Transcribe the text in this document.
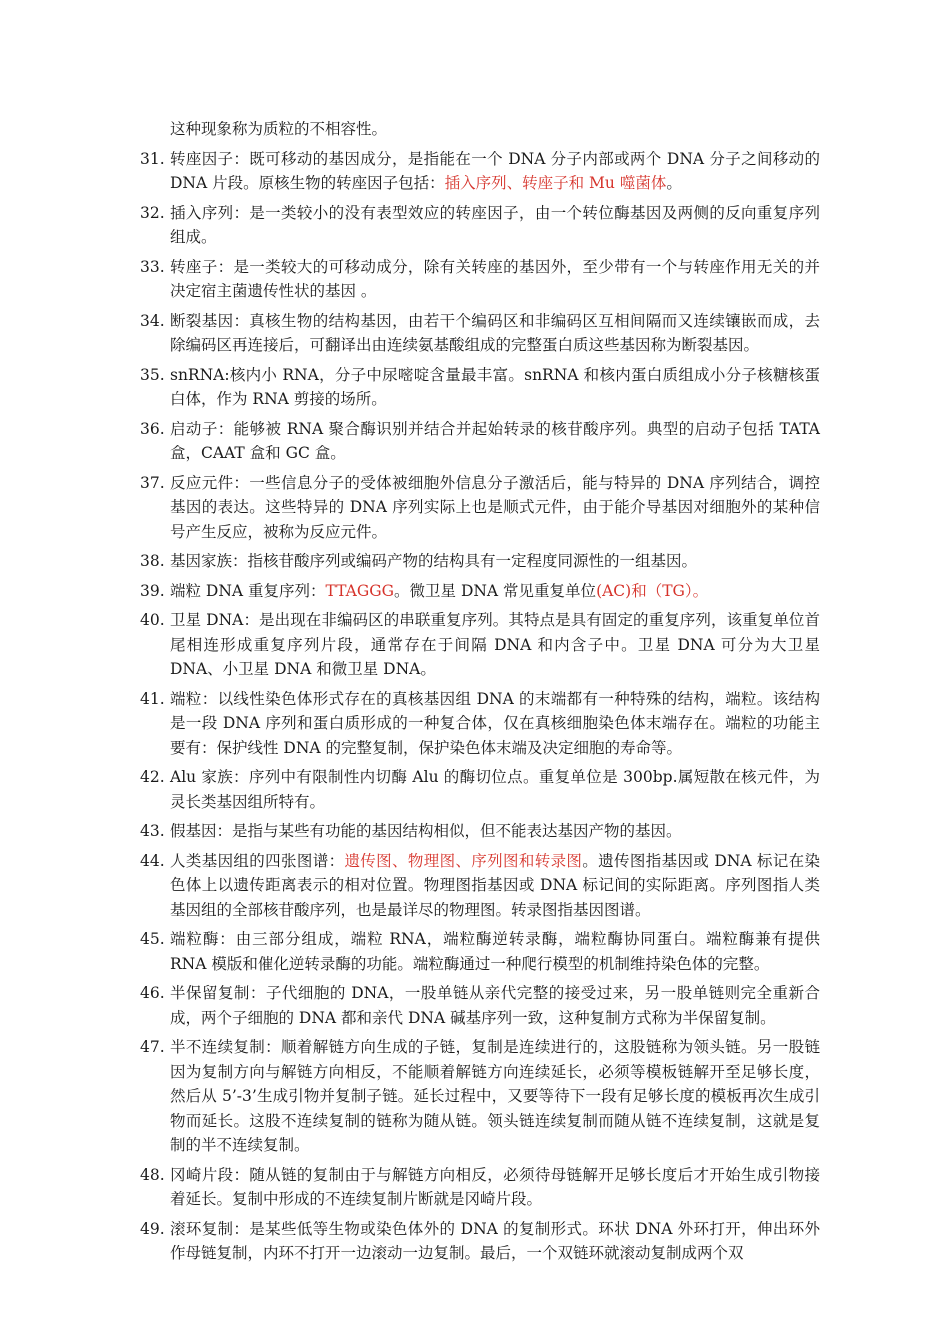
这种现象称为质粒的不相容性。
31. 转座因子：既可移动的基因成分，是指能在一个 DNA 分子内部或两个 DNA 分子之间移动的 DNA 片段。原核生物的转座因子包括：插入序列、转座子和 Mu 噬菌体。
32. 插入序列：是一类较小的没有表型效应的转座因子，由一个转位酶基因及两侧的反向重复序列组成。
33. 转座子：是一类较大的可移动成分，除有关转座的基因外，至少带有一个与转座作用无关的并决定宿主菌遗传性状的基因 。
34. 断裂基因：真核生物的结构基因，由若干个编码区和非编码区互相间隔而又连续镶嵌而成，去除编码区再连接后，可翻译出由连续氨基酸组成的完整蛋白质这些基因称为断裂基因。
35. snRNA:核内小 RNA，分子中尿嘧啶含量最丰富。snRNA 和核内蛋白质组成小分子核糖核蛋白体，作为 RNA 剪接的场所。
36. 启动子：能够被 RNA 聚合酶识别并结合并起始转录的核苷酸序列。典型的启动子包括 TATA 盒，CAAT 盒和 GC 盒。
37. 反应元件：一些信息分子的受体被细胞外信息分子激活后，能与特异的 DNA 序列结合，调控基因的表达。这些特异的 DNA 序列实际上也是顺式元件，由于能介导基因对细胞外的某种信号产生反应，被称为反应元件。
38. 基因家族：指核苷酸序列或编码产物的结构具有一定程度同源性的一组基因。
39. 端粒 DNA 重复序列：TTAGGG。微卫星 DNA 常见重复单位(AC)和（TG）。
40. 卫星 DNA：是出现在非编码区的串联重复序列。其特点是具有固定的重复序列，该重复单位首尾相连形成重复序列片段，通常存在于间隔 DNA 和内含子中。卫星 DNA 可分为大卫星 DNA、小卫星 DNA 和微卫星 DNA。
41. 端粒：以线性染色体形式存在的真核基因组 DNA 的末端都有一种特殊的结构，端粒。该结构是一段 DNA 序列和蛋白质形成的一种复合体，仅在真核细胞染色体末端存在。端粒的功能主要有：保护线性 DNA 的完整复制，保护染色体末端及决定细胞的寿命等。
42. Alu 家族：序列中有限制性内切酶 Alu 的酶切位点。重复单位是 300bp.属短散在核元件，为灵长类基因组所特有。
43. 假基因：是指与某些有功能的基因结构相似，但不能表达基因产物的基因。
44. 人类基因组的四张图谱：遗传图、物理图、序列图和转录图。遗传图指基因或 DNA 标记在染色体上以遗传距离表示的相对位置。物理图指基因或 DNA 标记间的实际距离。序列图指人类基因组的全部核苷酸序列，也是最详尽的物理图。转录图指基因图谱。
45. 端粒酶：由三部分组成，端粒 RNA，端粒酶逆转录酶，端粒酶协同蛋白。端粒酶兼有提供 RNA 模版和催化逆转录酶的功能。端粒酶通过一种爬行模型的机制维持染色体的完整。
46. 半保留复制：子代细胞的 DNA，一股单链从亲代完整的接受过来，另一股单链则完全重新合成，两个子细胞的 DNA 都和亲代 DNA 碱基序列一致，这种复制方式称为半保留复制。
47. 半不连续复制：顺着解链方向生成的子链，复制是连续进行的，这股链称为领头链。另一股链因为复制方向与解链方向相反，不能顺着解链方向连续延长，必须等模板链解开至足够长度，然后从 5’-3’生成引物并复制子链。延长过程中，又要等待下一段有足够长度的模板再次生成引物而延长。这股不连续复制的链称为随从链。领头链连续复制而随从链不连续复制，这就是复制的半不连续复制。
48. 冈崎片段：随从链的复制由于与解链方向相反，必须待母链解开足够长度后才开始生成引物接着延长。复制中形成的不连续复制片断就是冈崎片段。
49. 滚环复制：是某些低等生物或染色体外的 DNA 的复制形式。环状 DNA 外环打开，伸出环外作母链复制，内环不打开一边滚动一边复制。最后，一个双链环就滚动复制成两个双
